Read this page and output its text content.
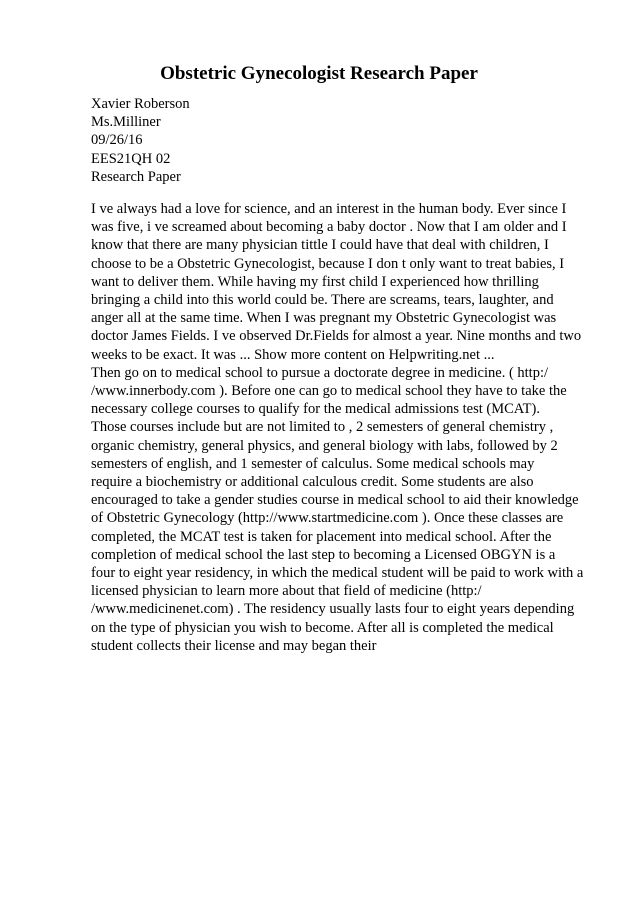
Obstetric Gynecologist Research Paper
Xavier Roberson
Ms.Milliner
09/26/16
EES21QH 02
Research Paper
I ve always had a love for science, and an interest in the human body. Ever since I
was five, i ve screamed about becoming a baby doctor . Now that I am older and I
know that there are many physician tittle I could have that deal with children, I
choose to be a Obstetric Gynecologist, because I don t only want to treat babies, I
want to deliver them. While having my first child I experienced how thrilling
bringing a child into this world could be. There are screams, tears, laughter, and
anger all at the same time. When I was pregnant my Obstetric Gynecologist was
doctor James Fields. I ve observed Dr.Fields for almost a year. Nine months and two
weeks to be exact. It was ... Show more content on Helpwriting.net ...
Then go on to medical school to pursue a doctorate degree in medicine. ( http:/
/www.innerbody.com ). Before one can go to medical school they have to take the
necessary college courses to qualify for the medical admissions test (MCAT).
Those courses include but are not limited to , 2 semesters of general chemistry ,
organic chemistry, general physics, and general biology with labs, followed by 2
semesters of english, and 1 semester of calculus. Some medical schools may
require a biochemistry or additional calculous credit. Some students are also
encouraged to take a gender studies course in medical school to aid their knowledge
of Obstetric Gynecology (http://www.startmedicine.com ). Once these classes are
completed, the MCAT test is taken for placement into medical school. After the
completion of medical school the last step to becoming a Licensed OBGYN is a
four to eight year residency, in which the medical student will be paid to work with a
licensed physician to learn more about that field of medicine (http:/
/www.medicinenet.com) . The residency usually lasts four to eight years depending
on the type of physician you wish to become. After all is completed the medical
student collects their license and may began their
